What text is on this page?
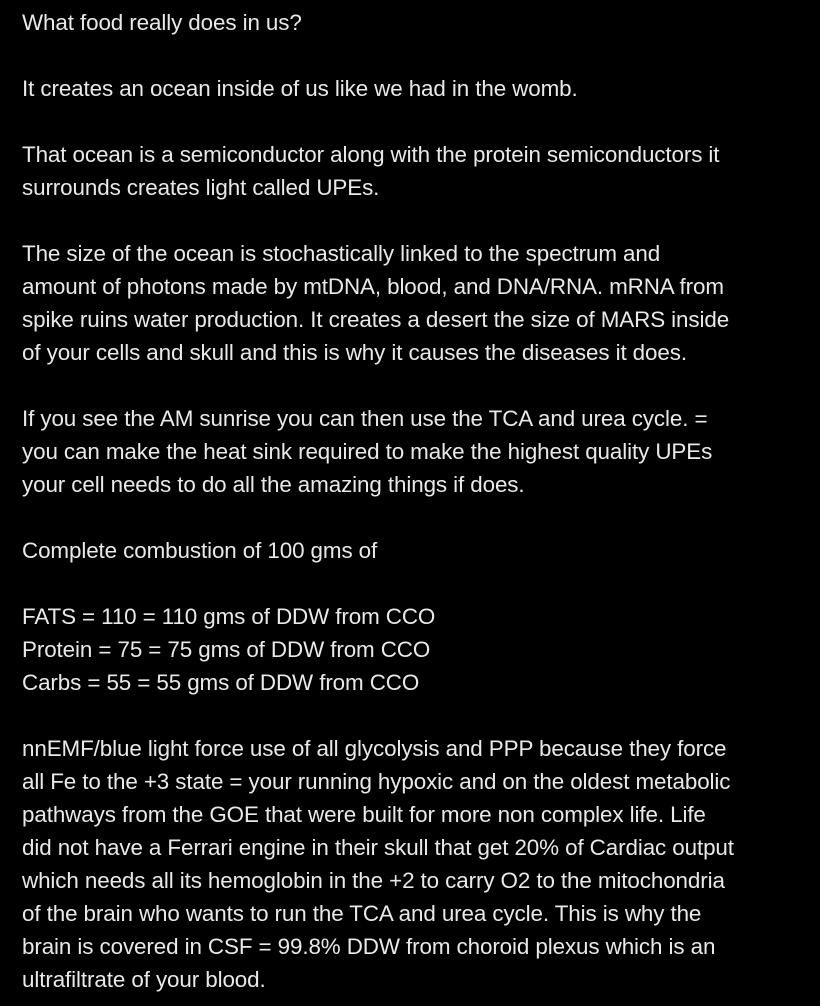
What food really does in us?
It creates an ocean inside of us like we had in the womb.
That ocean is a semiconductor along with the protein semiconductors it
surrounds creates light called UPEs.
The size of the ocean is stochastically linked to the spectrum and
amount of photons made by mtDNA, blood, and DNA/RNA. mRNA from
spike ruins water production. It creates a desert the size of MARS inside
of your cells and skull and this is why it causes the diseases it does.
If you see the AM sunrise you can then use the TCA and urea cycle. =
you can make the heat sink required to make the highest quality UPEs
your cell needs to do all the amazing things if does.
Complete combustion of 100 gms of
FATS = 110 = 110 gms of DDW from CCO
Protein = 75 = 75 gms of DDW from CCO
Carbs = 55 = 55 gms of DDW from CCO
nnEMF/blue light force use of all glycolysis and PPP because they force
all Fe to the +3 state = your running hypoxic and on the oldest metabolic
pathways from the GOE that were built for more non complex life. Life
did not have a Ferrari engine in their skull that get 20% of Cardiac output
which needs all its hemoglobin in the +2 to carry O2 to the mitochondria
of the brain who wants to run the TCA and urea cycle. This is why the
brain is covered in CSF = 99.8% DDW from choroid plexus which is an
ultrafiltrate of your blood.
